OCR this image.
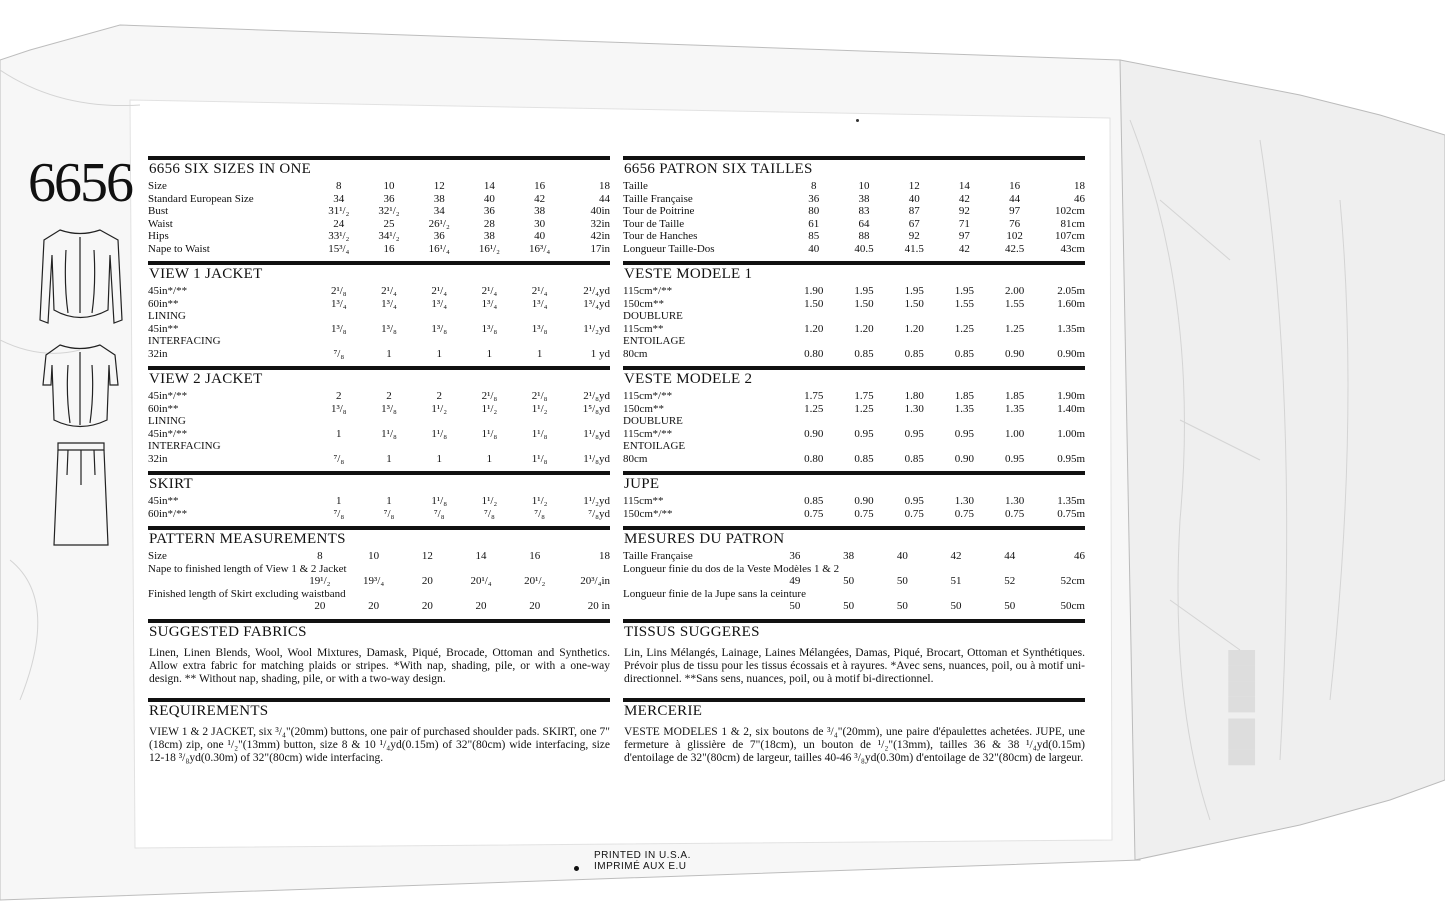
████ ███
6656 6656 SIX SIZES IN ONE
Size	8	10	12	14	16	18
Standard European Size	34	36	38	40	42	44
Bust	31¹/₂	32¹/₂	34	36	38	40in
Waist	24	25	26¹/₂	28	30	32in
Hips	33¹/₂	34¹/₂	36	38	40	42in
Nape to Waist	15³/₄	16	16¹/₄	16¹/₂	16³/₄	17in
VIEW 1 JACKET
45in*/**	2¹/₈	2¹/₄	2¹/₄	2¹/₄	2¹/₄	2¹/₄yd
60in**	1³/₄	1³/₄	1³/₄	1³/₄	1³/₄	1³/₄yd
LINING						
45in**	1³/₈	1³/₈	1³/₈	1³/₈	1³/₈	1¹/₂yd
INTERFACING						
32in	⁷/₈	1	1	1	1	1 yd
VIEW 2 JACKET
45in*/**	2	2	2	2¹/₈	2¹/₈	2¹/₈yd
60in**	1³/₈	1³/₈	1¹/₂	1¹/₂	1¹/₂	1⁵/₈yd
LINING						
45in*/**	1	1¹/₈	1¹/₈	1¹/₈	1¹/₈	1¹/₈yd
INTERFACING						
32in	⁷/₈	1	1	1	1¹/₈	1¹/₈yd
SKIRT
45in**	1	1	1¹/₈	1¹/₂	1¹/₂	1¹/₂yd
60in*/**	⁷/₈	⁷/₈	⁷/₈	⁷/₈	⁷/₈	⁷/₈yd
PATTERN MEASUREMENTS
Size	8	10	12	14	16	18
Nape to finished length of View 1 & 2 Jacket						
	19¹/₂	19³/₄	20	20¹/₄	20¹/₂	20³/₄in
Finished length of Skirt excluding waistband						
	20	20	20	20	20	20 in
SUGGESTED FABRICS
Linen, Linen Blends, Wool, Wool Mixtures, Damask, Piqué, Brocade, Ottoman and Synthetics. Allow extra fabric for matching plaids or stripes. *With nap, shading, pile, or with a one-way design. ** Without nap, shading, pile, or with a two-way design.
REQUIREMENTS
VIEW 1 & 2 JACKET, six ³/₄"(20mm) buttons, one pair of purchased shoulder pads. SKIRT, one 7"(18cm) zip, one ¹/₂"(13mm) button, size 8 & 10 ¹/₄yd(0.15m) of 32"(80cm) wide interfacing, size 12-18 ³/₈yd(0.30m) of 32"(80cm) wide interfacing.
6656 PATRON SIX TAILLES
Taille	8	10	12	14	16	18
Taille Française	36	38	40	42	44	46
Tour de Poitrine	80	83	87	92	97	102cm
Tour de Taille	61	64	67	71	76	81cm
Tour de Hanches	85	88	92	97	102	107cm
Longueur Taille-Dos	40	40.5	41.5	42	42.5	43cm
VESTE MODELE 1
115cm*/**	1.90	1.95	1.95	1.95	2.00	2.05m
150cm**	1.50	1.50	1.50	1.55	1.55	1.60m
DOUBLURE						
115cm**	1.20	1.20	1.20	1.25	1.25	1.35m
ENTOILAGE						
80cm	0.80	0.85	0.85	0.85	0.90	0.90m
VESTE MODELE 2
115cm*/**	1.75	1.75	1.80	1.85	1.85	1.90m
150cm**	1.25	1.25	1.30	1.35	1.35	1.40m
DOUBLURE						
115cm*/**	0.90	0.95	0.95	0.95	1.00	1.00m
ENTOILAGE						
80cm	0.80	0.85	0.85	0.90	0.95	0.95m
JUPE
115cm**	0.85	0.90	0.95	1.30	1.30	1.35m
150cm*/**	0.75	0.75	0.75	0.75	0.75	0.75m
MESURES DU PATRON
Taille Française	36	38	40	42	44	46
Longueur finie du dos de la Veste Modèles 1 & 2						
	49	50	50	51	52	52cm
Longueur finie de la Jupe sans la ceinture						
	50	50	50	50	50	50cm
TISSUS SUGGERES
Lin, Lins Mélangés, Lainage, Laines Mélangées, Damas, Piqué, Brocart, Ottoman et Synthétiques. Prévoir plus de tissu pour les tissus écossais et à rayures. *Avec sens, nuances, poil, ou à motif uni-directionnel. **Sans sens, nuances, poil, ou à motif bi-directionnel.
MERCERIE
VESTE MODELES 1 & 2, six boutons de ³/₄"(20mm), une paire d'épaulettes achetées. JUPE, une fermeture à glissière de 7"(18cm), un bouton de ¹/₂"(13mm), tailles 36 & 38 ¹/₄yd(0.15m) d'entoilage de 32"(80cm) de largeur, tailles 40-46 ³/₈yd(0.30m) d'entoilage de 32"(80cm) de largeur.
PRINTED IN U.S.A.
IMPRIMÉ AUX E.U
